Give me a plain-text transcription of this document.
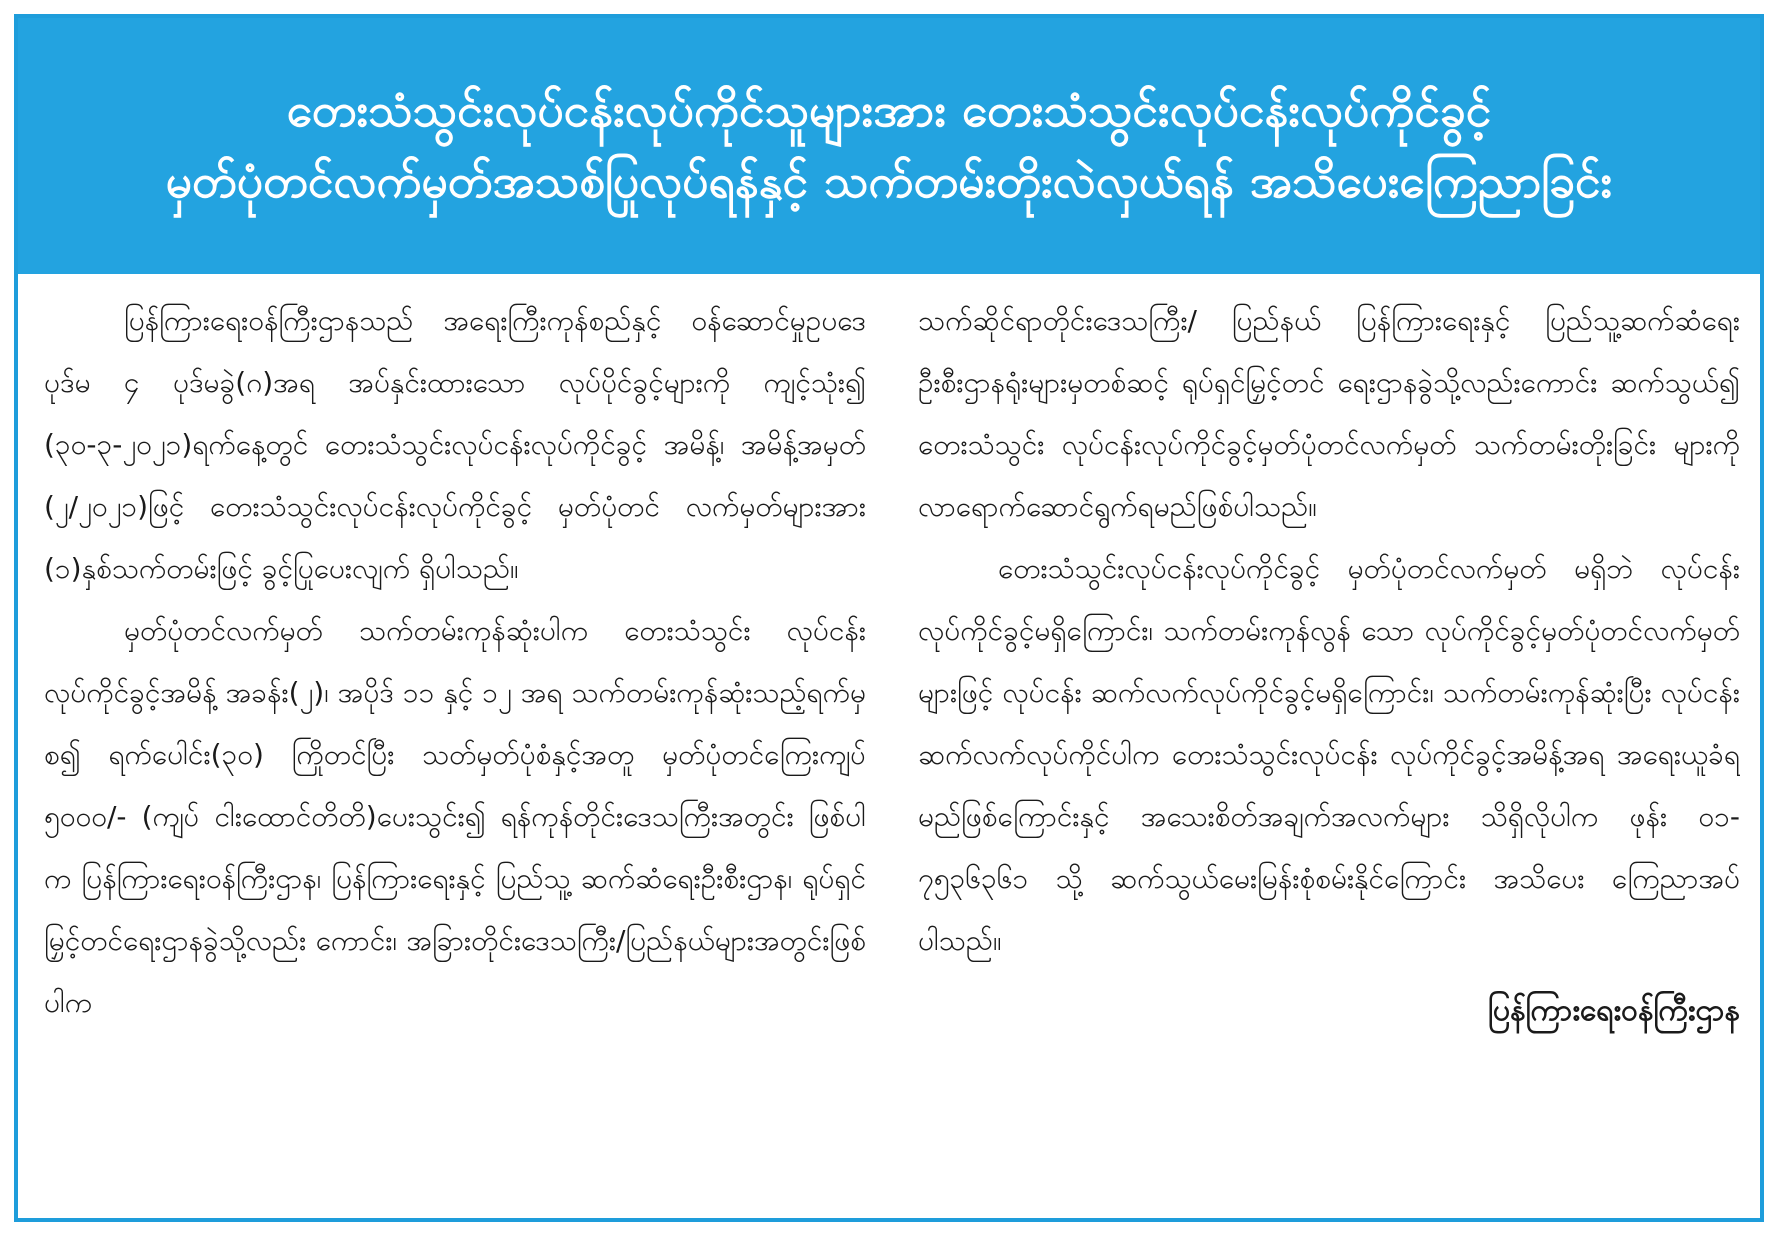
တေးသံသွင်းလုပ်ငန်းလုပ်ကိုင်သူများအား တေးသံသွင်းလုပ်ငန်းလုပ်ကိုင်ခွင့်
မှတ်ပုံတင်လက်မှတ်အသစ်ပြုလုပ်ရန်နှင့် သက်တမ်းတိုးလဲလှယ်ရန် အသိပေးကြေညာခြင်း

ပြန်ကြားရေးဝန်ကြီးဌာနသည် အရေးကြီးကုန်စည်နှင့် ဝန်ဆောင်မှုဥပဒေပုဒ်မ ၄ ပုဒ်မခွဲ(ဂ)အရ အပ်နှင်းထားသော လုပ်ပိုင်ခွင့်များကို ကျင့်သုံး၍ (၃၀-၃-၂၀၂၁)ရက်နေ့တွင် တေးသံသွင်းလုပ်ငန်းလုပ်ကိုင်ခွင့် အမိန့်၊ အမိန့်အမှတ် (၂/၂၀၂၁)ဖြင့် တေးသံသွင်းလုပ်ငန်းလုပ်ကိုင်ခွင့် မှတ်ပုံတင် လက်မှတ်များအား (၁)နှစ်သက်တမ်းဖြင့် ခွင့်ပြုပေးလျက် ရှိပါသည်။

မှတ်ပုံတင်လက်မှတ် သက်တမ်းကုန်ဆုံးပါက တေးသံသွင်း လုပ်ငန်းလုပ်ကိုင်ခွင့်အမိန့် အခန်း(၂)၊ အပိုဒ် ၁၁ နှင့် ၁၂ အရ သက်တမ်းကုန်ဆုံးသည့်ရက်မှစ၍ ရက်ပေါင်း(၃၀) ကြိုတင်ပြီး သတ်မှတ်ပုံစံနှင့်အတူ မှတ်ပုံတင်ကြေးကျပ် ၅၀၀၀/- (ကျပ် ငါးထောင်တိတိ)ပေးသွင်း၍ ရန်ကုန်တိုင်းဒေသကြီးအတွင်း ဖြစ်ပါက ပြန်ကြားရေးဝန်ကြီးဌာန၊ ပြန်ကြားရေးနှင့် ပြည်သူ့ ဆက်ဆံရေးဦးစီးဌာန၊ ရုပ်ရှင်မြှင့်တင်ရေးဌာနခွဲသို့လည်း ကောင်း၊ အခြားတိုင်းဒေသကြီး/ပြည်နယ်များအတွင်းဖြစ်ပါက

သက်ဆိုင်ရာတိုင်းဒေသကြီး/ ပြည်နယ် ပြန်ကြားရေးနှင့် ပြည်သူ့ဆက်ဆံရေးဦးစီးဌာနရုံးများမှတစ်ဆင့် ရုပ်ရှင်မြှင့်တင် ရေးဌာနခွဲသို့လည်းကောင်း ဆက်သွယ်၍ တေးသံသွင်း လုပ်ငန်းလုပ်ကိုင်ခွင့်မှတ်ပုံတင်လက်မှတ် သက်တမ်းတိုးခြင်း များကို လာရောက်ဆောင်ရွက်ရမည်ဖြစ်ပါသည်။

တေးသံသွင်းလုပ်ငန်းလုပ်ကိုင်ခွင့် မှတ်ပုံတင်လက်မှတ် မရှိဘဲ လုပ်ငန်းလုပ်ကိုင်ခွင့်မရှိကြောင်း၊ သက်တမ်းကုန်လွန် သော လုပ်ကိုင်ခွင့်မှတ်ပုံတင်လက်မှတ်များဖြင့် လုပ်ငန်း ဆက်လက်လုပ်ကိုင်ခွင့်မရှိကြောင်း၊ သက်တမ်းကုန်ဆုံးပြီး လုပ်ငန်းဆက်လက်လုပ်ကိုင်ပါက တေးသံသွင်းလုပ်ငန်း လုပ်ကိုင်ခွင့်အမိန့်အရ အရေးယူခံရမည်ဖြစ်ကြောင်းနှင့် အသေးစိတ်အချက်အလက်များ သိရှိလိုပါက ဖုန်း ၀၁- ၇၅၃၆၃၆၁ သို့ ဆက်သွယ်မေးမြန်းစုံစမ်းနိုင်ကြောင်း အသိပေး ကြေညာအပ်ပါသည်။

ပြန်ကြားရေးဝန်ကြီးဌာန
